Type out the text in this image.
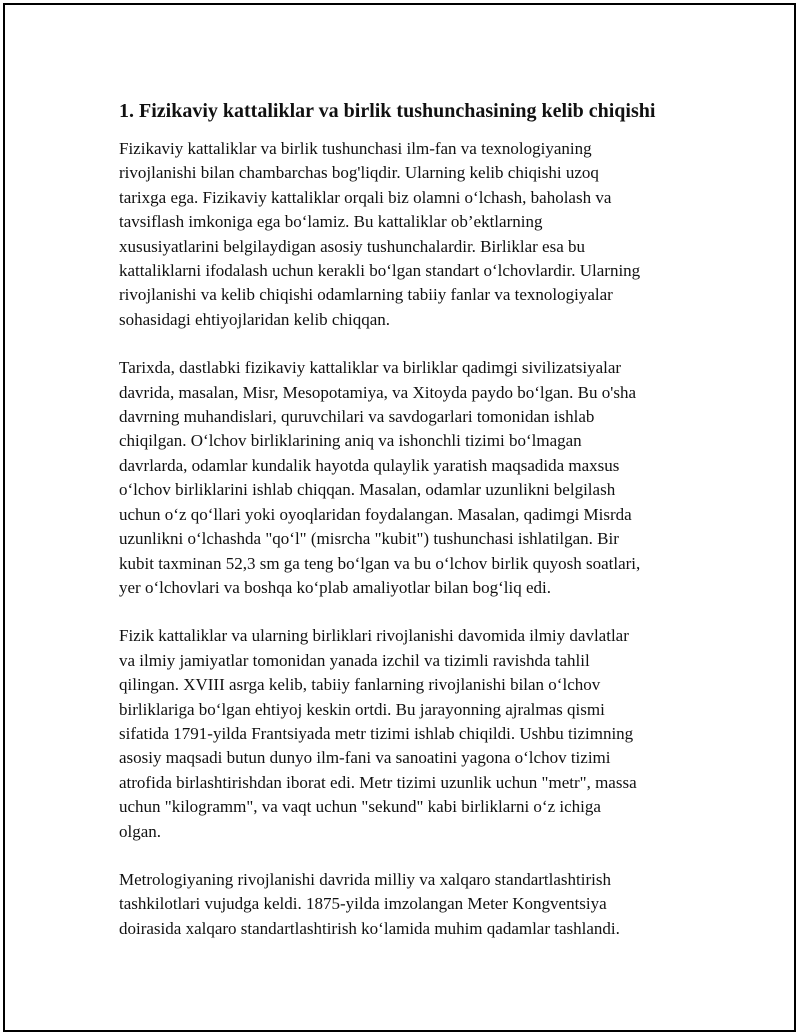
1. Fizikaviy kattaliklar va birlik tushunchasining kelib chiqishi

Fizikaviy kattaliklar va birlik tushunchasi ilm-fan va texnologiyaning
rivojlanishi bilan chambarchas bog'liqdir. Ularning kelib chiqishi uzoq
tarixga ega. Fizikaviy kattaliklar orqali biz olamni o‘lchash, baholash va
tavsiflash imkoniga ega bo‘lamiz. Bu kattaliklar ob’ektlarning
xususiyatlarini belgilaydigan asosiy tushunchalardir. Birliklar esa bu
kattaliklarni ifodalash uchun kerakli bo‘lgan standart o‘lchovlardir. Ularning
rivojlanishi va kelib chiqishi odamlarning tabiiy fanlar va texnologiyalar
sohasidagi ehtiyojlaridan kelib chiqqan.

Tarixda, dastlabki fizikaviy kattaliklar va birliklar qadimgi sivilizatsiyalar
davrida, masalan, Misr, Mesopotamiya, va Xitoyda paydo bo‘lgan. Bu o'sha
davrning muhandislari, quruvchilari va savdogarlari tomonidan ishlab
chiqilgan. O‘lchov birliklarining aniq va ishonchli tizimi bo‘lmagan
davrlarda, odamlar kundalik hayotda qulaylik yaratish maqsadida maxsus
o‘lchov birliklarini ishlab chiqqan. Masalan, odamlar uzunlikni belgilash
uchun o‘z qo‘llari yoki oyoqlaridan foydalangan. Masalan, qadimgi Misrda
uzunlikni o‘lchashda "qo‘l" (misrcha "kubit") tushunchasi ishlatilgan. Bir
kubit taxminan 52,3 sm ga teng bo‘lgan va bu o‘lchov birlik quyosh soatlari,
yer o‘lchovlari va boshqa ko‘plab amaliyotlar bilan bog‘liq edi.

Fizik kattaliklar va ularning birliklari rivojlanishi davomida ilmiy davlatlar
va ilmiy jamiyatlar tomonidan yanada izchil va tizimli ravishda tahlil
qilingan. XVIII asrga kelib, tabiiy fanlarning rivojlanishi bilan o‘lchov
birliklariga bo‘lgan ehtiyoj keskin ortdi. Bu jarayonning ajralmas qismi
sifatida 1791-yilda Frantsiyada metr tizimi ishlab chiqildi. Ushbu tizimning
asosiy maqsadi butun dunyo ilm-fani va sanoatini yagona o‘lchov tizimi
atrofida birlashtirishdan iborat edi. Metr tizimi uzunlik uchun "metr", massa
uchun "kilogramm", va vaqt uchun "sekund" kabi birliklarni o‘z ichiga
olgan.

Metrologiyaning rivojlanishi davrida milliy va xalqaro standartlashtirish
tashkilotlari vujudga keldi. 1875-yilda imzolangan Meter Kongventsiya
doirasida xalqaro standartlashtirish ko‘lamida muhim qadamlar tashlandi.
